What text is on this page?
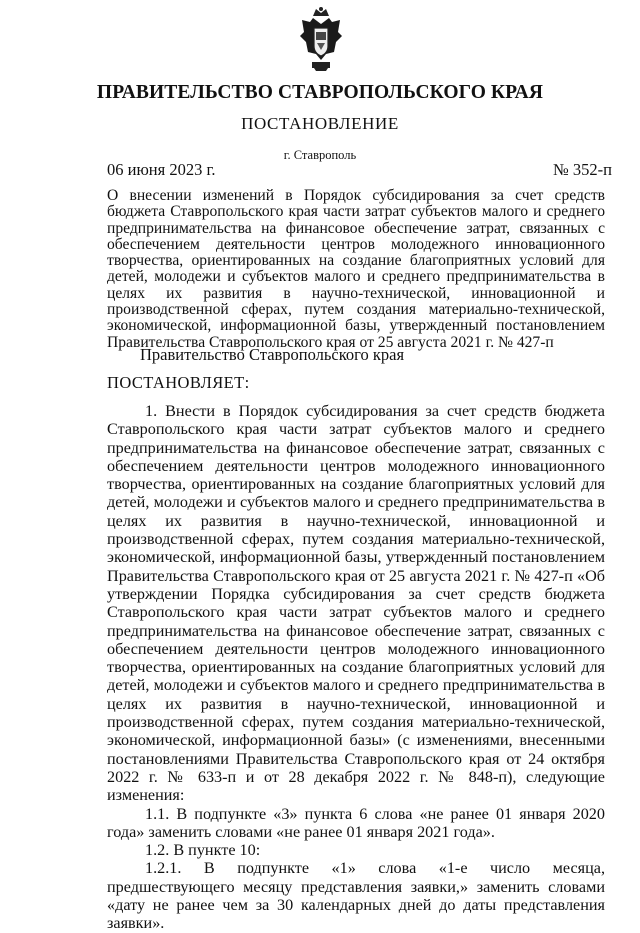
ПРАВИТЕЛЬСТВО СТАВРОПОЛЬСКОГО КРАЯ
ПОСТАНОВЛЕНИЕ
г. Ставрополь
06 июня 2023 г.	№ 352-п
О внесении изменений в Порядок субсидирования за счет средств бюджета Ставропольского края части затрат субъектов малого и среднего предпринимательства на финансовое обеспечение затрат, связанных с обеспечением деятельности центров молодежного инновационного творчества, ориентированных на создание благоприятных условий для детей, молодежи и субъектов малого и среднего предпринимательства в целях их развития в научно-технической, инновационной и производственной сферах, путем создания материально-технической, экономической, информационной базы, утвержденный постановлением Правительства Ставропольского края от 25 августа 2021 г. № 427-п
Правительство Ставропольского края
ПОСТАНОВЛЯЕТ:

1. Внести в Порядок субсидирования за счет средств бюджета Ставропольского края части затрат субъектов малого и среднего предпринимательства на финансовое обеспечение затрат, связанных с обеспечением деятельности центров молодежного инновационного творчества, ориентированных на создание благоприятных условий для детей, молодежи и субъектов малого и среднего предпринимательства в целях их развития в научно-технической, инновационной и производственной сферах, путем создания материально-технической, экономической, информационной базы, утвержденный постановлением Правительства Ставропольского края от 25 августа 2021 г. № 427-п «Об утверждении Порядка субсидирования за счет средств бюджета Ставропольского края части затрат субъектов малого и среднего предпринимательства на финансовое обеспечение затрат, связанных с обеспечением деятельности центров молодежного инновационного творчества, ориентированных на создание благоприятных условий для детей, молодежи и субъектов малого и среднего предпринимательства в целях их развития в научно-технической, инновационной и производственной сферах, путем создания материально-технической, экономической, информационной базы» (с изменениями, внесенными постановлениями Правительства Ставропольского края от 24 октября 2022 г. № 633-п и от 28 декабря 2022 г. № 848-п), следующие изменения:

1.1. В подпункте «3» пункта 6 слова «не ранее 01 января 2020 года» заменить словами «не ранее 01 января 2021 года».

1.2. В пункте 10:

1.2.1. В подпункте «1» слова «1-е число месяца, предшествующего месяцу представления заявки,» заменить словами «дату не ранее чем за 30 календарных дней до даты представления заявки».
